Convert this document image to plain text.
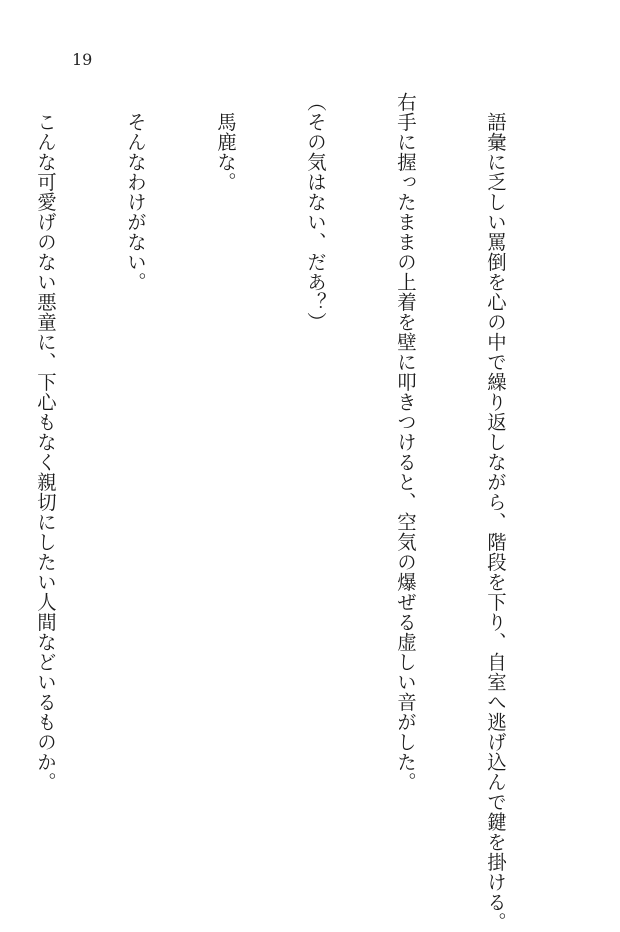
19

　語彙に乏しい罵倒を心の中で繰り返しながら、階段を下り、自室へ逃げ込んで鍵を掛ける。

右手に握ったままの上着を壁に叩きつけると、空気の爆ぜる虚しい音がした。

（その気はない、だあ？）

　馬鹿な。

　そんなわけがない。

　こんな可愛げのない悪童に、下心もなく親切にしたい人間などいるものか。
